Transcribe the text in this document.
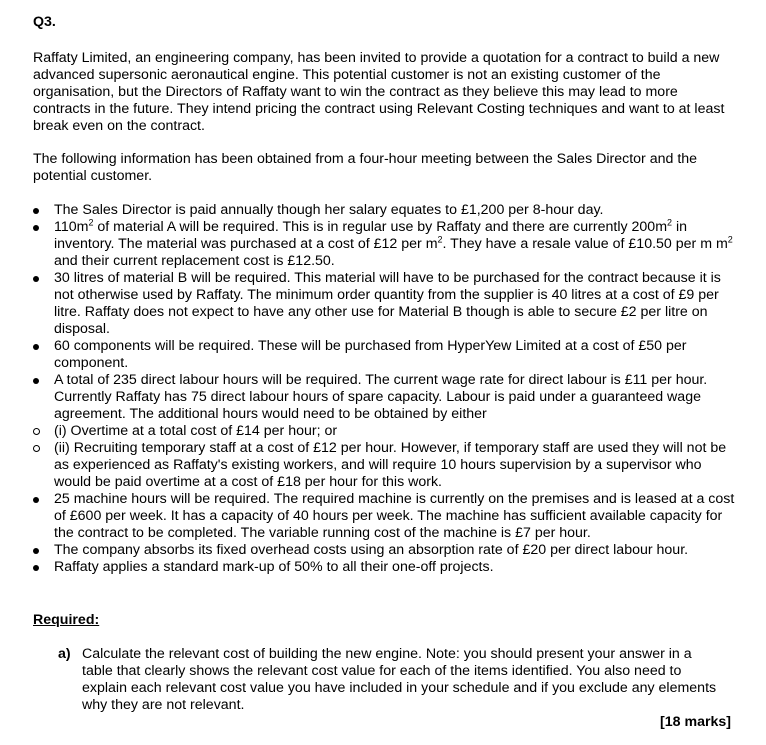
Q3.

Raffaty Limited, an engineering company, has been invited to provide a quotation for a contract to build a new advanced supersonic aeronautical engine. This potential customer is not an existing customer of the organisation, but the Directors of Raffaty want to win the contract as they believe this may lead to more contracts in the future. They intend pricing the contract using Relevant Costing techniques and want to at least break even on the contract.

The following information has been obtained from a four-hour meeting between the Sales Director and the potential customer.

The Sales Director is paid annually though her salary equates to £1,200 per 8-hour day.
$110m^2$ of material A will be required. This is in regular use by Raffaty and there are currently $200m^2$ in inventory. The material was purchased at a cost of £12 per $m^2$. They have a resale value of £10.50 per m $m^2$ and their current replacement cost is £12.50.
30 litres of material B will be required. This material will have to be purchased for the contract because it is not otherwise used by Raffaty. The minimum order quantity from the supplier is 40 litres at a cost of £9 per litre. Raffaty does not expect to have any other use for Material B though is able to secure £2 per litre on disposal.
60 components will be required. These will be purchased from HyperYew Limited at a cost of £50 per component.
A total of 235 direct labour hours will be required. The current wage rate for direct labour is £11 per hour. Currently Raffaty has 75 direct labour hours of spare capacity. Labour is paid under a guaranteed wage agreement. The additional hours would need to be obtained by either
(i) Overtime at a total cost of £14 per hour; or
(ii) Recruiting temporary staff at a cost of £12 per hour. However, if temporary staff are used they will not be as experienced as Raffaty's existing workers, and will require 10 hours supervision by a supervisor who would be paid overtime at a cost of £18 per hour for this work.
25 machine hours will be required. The required machine is currently on the premises and is leased at a cost of £600 per week. It has a capacity of 40 hours per week. The machine has sufficient available capacity for the contract to be completed. The variable running cost of the machine is £7 per hour.
The company absorbs its fixed overhead costs using an absorption rate of £20 per direct labour hour.
Raffaty applies a standard mark-up of 50% to all their one-off projects.
Required:
a) Calculate the relevant cost of building the new engine. Note: you should present your answer in a table that clearly shows the relevant cost value for each of the items identified. You also need to explain each relevant cost value you have included in your schedule and if you exclude any elements why they are not relevant.
[18 marks]
